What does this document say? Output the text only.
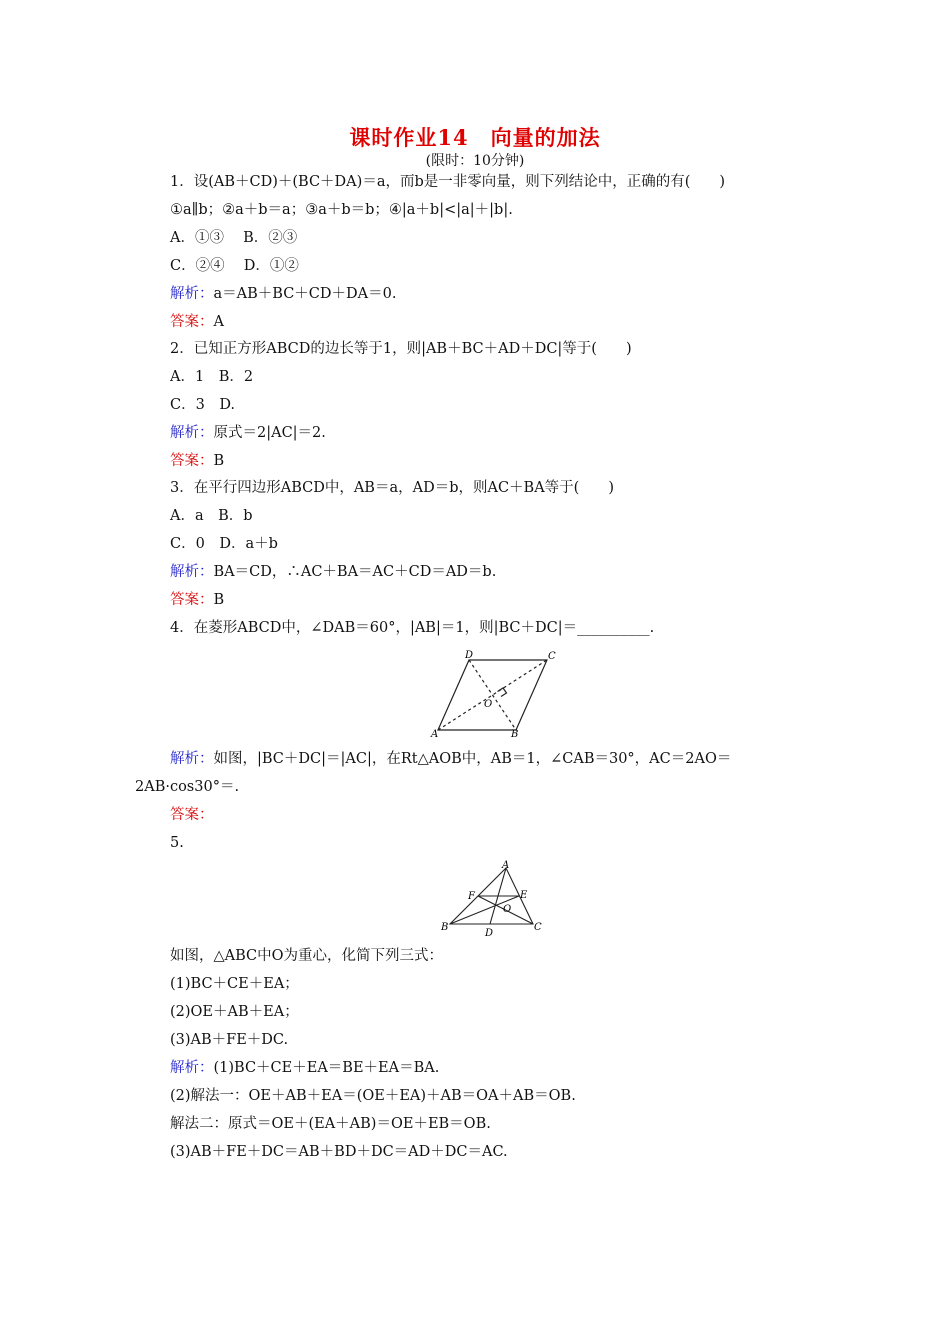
课时作业14　向量的加法
(限时：10分钟)
1．设(AB＋CD)＋(BC＋DA)＝a，而b是一非零向量，则下列结论中，正确的有(　　)
①a∥b；②a＋b＝a；③a＋b＝b；④|a＋b|<|a|＋|b|.
A．①③　 B．②③
C．②④　 D．①②
解析：a＝AB＋BC＋CD＋DA＝0.
答案：A
2．已知正方形ABCD的边长等于1，则|AB＋BC＋AD＋DC|等于(　　)
A．1　B．2
C．3　D.
解析：原式＝2|AC|＝2.
答案：B
3．在平行四边形ABCD中，AB＝a，AD＝b，则AC＋BA等于(　　)
A．a　B．b
C．0　D．a＋b
解析：BA＝CD，∴AC＋BA＝AC＋CD＝AD＝b.
答案：B
4．在菱形ABCD中，∠DAB＝60°，|AB|＝1，则|BC＋DC|＝__________.
D	C
O
A	B
解析：如图，|BC＋DC|＝|AC|，在Rt△AOB中，AB＝1，∠CAB＝30°，AC＝2AO＝
2AB·cos30°＝.
答案：
5.
A
F	E
O
B
D
C
如图，△ABC中O为重心，化简下列三式：
(1)BC＋CE＋EA；
(2)OE＋AB＋EA；
(3)AB＋FE＋DC.
解析：(1)BC＋CE＋EA＝BE＋EA＝BA.
(2)解法一：OE＋AB＋EA＝(OE＋EA)＋AB＝OA＋AB＝OB.
解法二：原式＝OE＋(EA＋AB)＝OE＋EB＝OB.
(3)AB＋FE＋DC＝AB＋BD＋DC＝AD＋DC＝AC.
